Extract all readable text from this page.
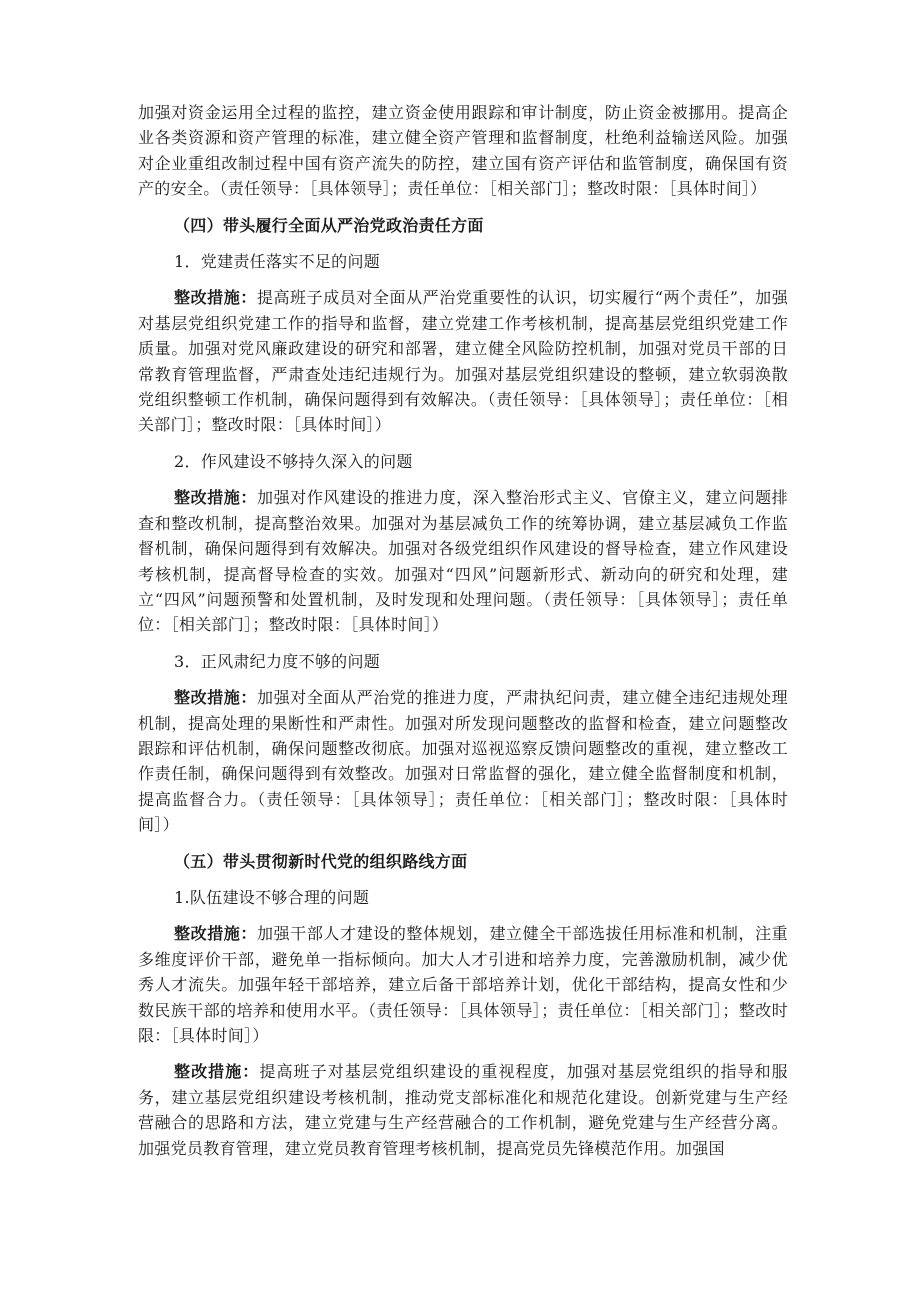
加强对资金运用全过程的监控，建立资金使用跟踪和审计制度，防止资金被挪用。提高企业各类资源和资产管理的标准，建立健全资产管理和监督制度，杜绝利益输送风险。加强对企业重组改制过程中国有资产流失的防控，建立国有资产评估和监管制度，确保国有资产的安全。（责任领导：［具体领导］；责任单位：［相关部门］；整改时限：［具体时间］）

（四）带头履行全面从严治党政治责任方面

1．党建责任落实不足的问题

整改措施：提高班子成员对全面从严治党重要性的认识，切实履行“两个责任”，加强对基层党组织党建工作的指导和监督，建立党建工作考核机制，提高基层党组织党建工作质量。加强对党风廉政建设的研究和部署，建立健全风险防控机制，加强对党员干部的日常教育管理监督，严肃查处违纪违规行为。加强对基层党组织建设的整顿，建立软弱涣散党组织整顿工作机制，确保问题得到有效解决。（责任领导：［具体领导］；责任单位：［相关部门］；整改时限：［具体时间］）

2．作风建设不够持久深入的问题

整改措施：加强对作风建设的推进力度，深入整治形式主义、官僚主义，建立问题排查和整改机制，提高整治效果。加强对为基层减负工作的统筹协调，建立基层减负工作监督机制，确保问题得到有效解决。加强对各级党组织作风建设的督导检查，建立作风建设考核机制，提高督导检查的实效。加强对“四风”问题新形式、新动向的研究和处理，建立“四风”问题预警和处置机制，及时发现和处理问题。（责任领导：［具体领导］；责任单位：［相关部门］；整改时限：［具体时间］）

3．正风肃纪力度不够的问题

整改措施：加强对全面从严治党的推进力度，严肃执纪问责，建立健全违纪违规处理机制，提高处理的果断性和严肃性。加强对所发现问题整改的监督和检查，建立问题整改跟踪和评估机制，确保问题整改彻底。加强对巡视巡察反馈问题整改的重视，建立整改工作责任制，确保问题得到有效整改。加强对日常监督的强化，建立健全监督制度和机制，提高监督合力。（责任领导：［具体领导］；责任单位：［相关部门］；整改时限：［具体时间］）

（五）带头贯彻新时代党的组织路线方面

1.队伍建设不够合理的问题

整改措施：加强干部人才建设的整体规划，建立健全干部选拔任用标准和机制，注重多维度评价干部，避免单一指标倾向。加大人才引进和培养力度，完善激励机制，减少优秀人才流失。加强年轻干部培养，建立后备干部培养计划，优化干部结构，提高女性和少数民族干部的培养和使用水平。（责任领导：［具体领导］；责任单位：［相关部门］；整改时限：［具体时间］）

整改措施：提高班子对基层党组织建设的重视程度，加强对基层党组织的指导和服务，建立基层党组织建设考核机制，推动党支部标准化和规范化建设。创新党建与生产经营融合的思路和方法，建立党建与生产经营融合的工作机制，避免党建与生产经营分离。加强党员教育管理，建立党员教育管理考核机制，提高党员先锋模范作用。加强国
